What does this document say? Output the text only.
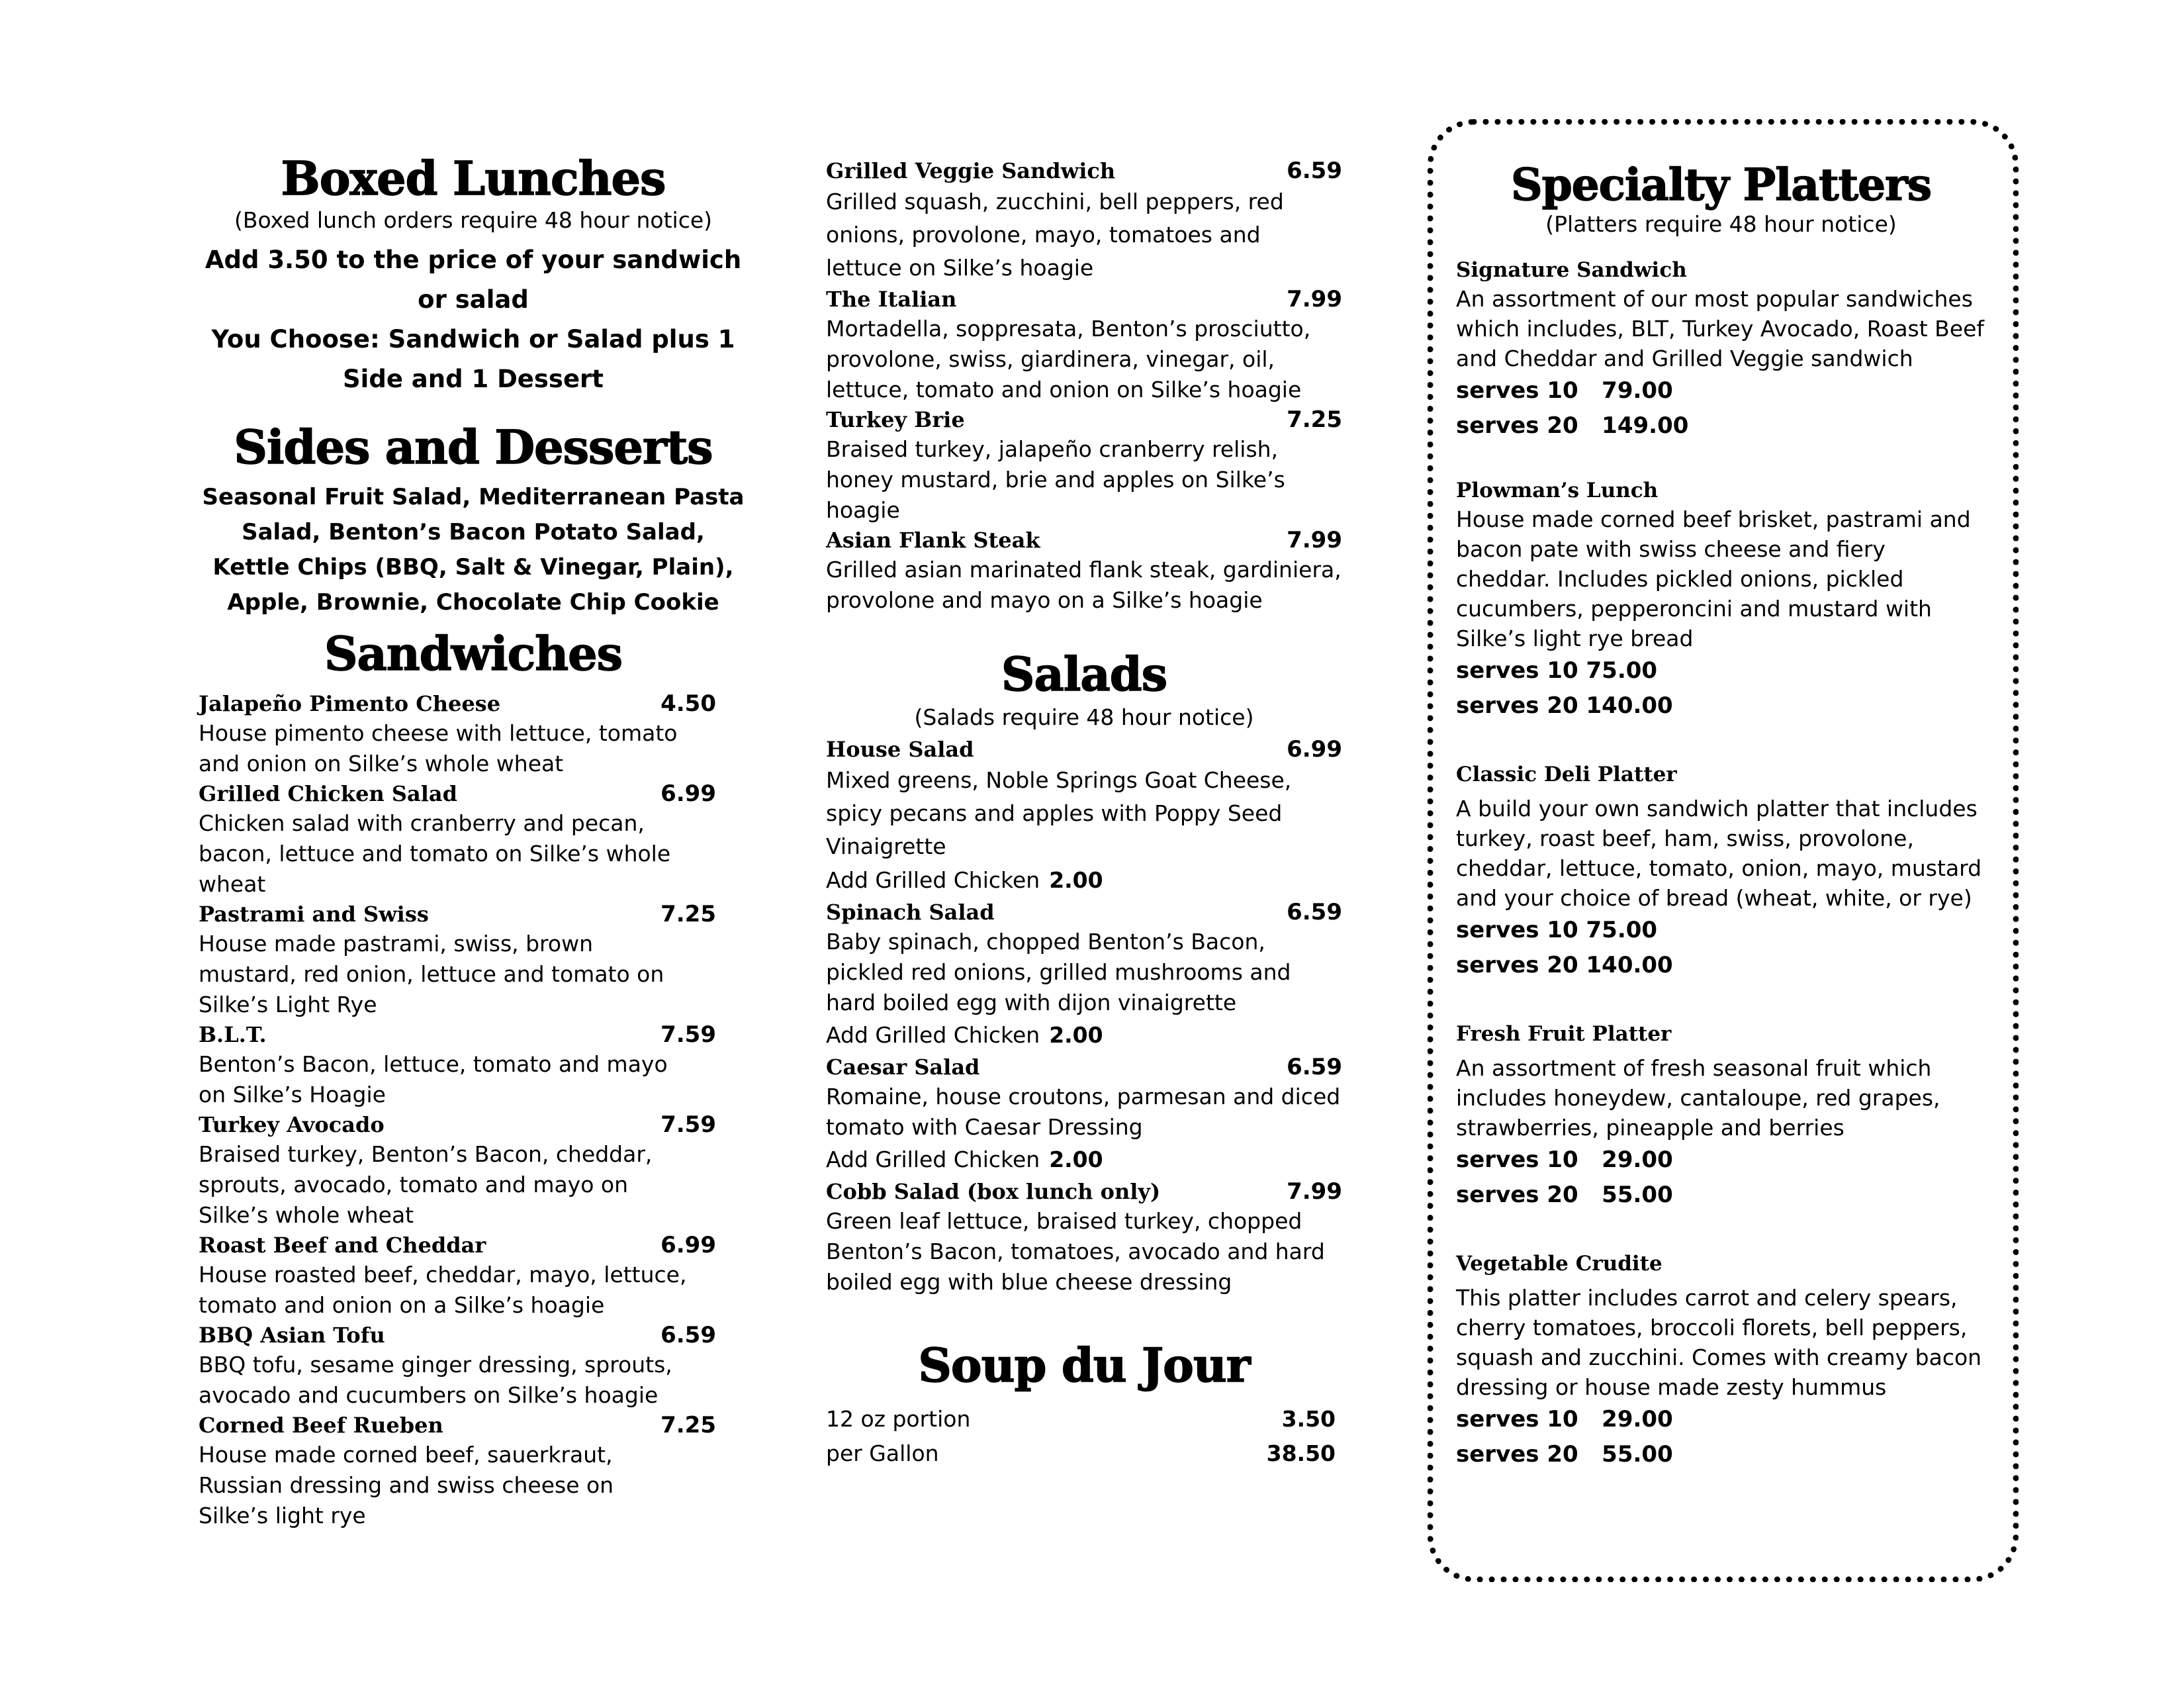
Boxed Lunches

(Boxed lunch orders require 48 hour notice)

Add 3.50 to the price of your sandwich

or salad

You Choose: Sandwich or Salad plus 1

Side and 1 Dessert

Sides and Desserts

Seasonal Fruit Salad, Mediterranean Pasta

Salad, Benton’s Bacon Potato Salad,

Kettle Chips (BBQ, Salt & Vinegar, Plain),

Apple, Brownie, Chocolate Chip Cookie

Sandwiches
Jalapeño Pimento Cheese	4.50

House pimento cheese with lettuce, tomato and onion on Silke’s whole wheat

Grilled Chicken Salad	6.99

Chicken salad with cranberry and pecan, bacon, lettuce and tomato on Silke’s whole wheat

Pastrami and Swiss	7.25

House made pastrami, swiss, brown mustard, red onion, lettuce and tomato on Silke’s Light Rye

B.L.T.	7.59

Benton’s Bacon, lettuce, tomato and mayo on Silke’s Hoagie

Turkey Avocado	7.59

Braised turkey, Benton’s Bacon, cheddar, sprouts, avocado, tomato and mayo on Silke’s whole wheat

Roast Beef and Cheddar	6.99

House roasted beef, cheddar, mayo, lettuce, tomato and onion on a Silke’s hoagie

BBQ Asian Tofu	6.59

BBQ tofu, sesame ginger dressing, sprouts, avocado and cucumbers on Silke’s hoagie

Corned Beef Rueben	7.25

House made corned beef, sauerkraut, Russian dressing and swiss cheese on Silke’s light rye

Grilled Veggie Sandwich	6.59

Grilled squash, zucchini, bell peppers, red onions, provolone, mayo, tomatoes and lettuce on Silke’s hoagie

The Italian	7.99

Mortadella, soppresata, Benton’s prosciutto, provolone, swiss, giardinera, vinegar, oil, lettuce, tomato and onion on Silke’s hoagie

Turkey Brie	7.25

Braised turkey, jalapeño cranberry relish, honey mustard, brie and apples on Silke’s hoagie

Asian Flank Steak	7.99

Grilled asian marinated flank steak, gardiniera, provolone and mayo on a Silke’s hoagie

Salads

(Salads require 48 hour notice)

House Salad	6.99

Mixed greens, Noble Springs Goat Cheese, spicy pecans and apples with Poppy Seed Vinaigrette

Add Grilled Chicken 2.00

Spinach Salad	6.59

Baby spinach, chopped Benton’s Bacon, pickled red onions, grilled mushrooms and hard boiled egg with dijon vinaigrette

Add Grilled Chicken 2.00

Caesar Salad	6.59

Romaine, house croutons, parmesan and diced tomato with Caesar Dressing

Add Grilled Chicken 2.00

Cobb Salad (box lunch only)	7.99

Green leaf lettuce, braised turkey, chopped Benton’s Bacon, tomatoes, avocado and hard boiled egg with blue cheese dressing

Soup du Jour
12 oz portion	3.50
per Gallon	38.50
Specialty Platters

(Platters require 48 hour notice)

Signature Sandwich

An assortment of our most popular sandwiches which includes, BLT, Turkey Avocado, Roast Beef and Cheddar and Grilled Veggie sandwich

serves 10   79.00

serves 20   149.00

Plowman’s Lunch

House made corned beef brisket, pastrami and bacon pate with swiss cheese and fiery cheddar. Includes pickled onions, pickled cucumbers, pepperoncini and mustard with Silke’s light rye bread

serves 10 75.00

serves 20 140.00

Classic Deli Platter

A build your own sandwich platter that includes turkey, roast beef, ham, swiss, provolone, cheddar, lettuce, tomato, onion, mayo, mustard and your choice of bread (wheat, white, or rye)

serves 10 75.00

serves 20 140.00

Fresh Fruit Platter

An assortment of fresh seasonal fruit which includes honeydew, cantaloupe, red grapes, strawberries, pineapple and berries

serves 10   29.00

serves 20   55.00

Vegetable Crudite

This platter includes carrot and celery spears, cherry tomatoes, broccoli florets, bell peppers, squash and zucchini. Comes with creamy bacon dressing or house made zesty hummus

serves 10   29.00

serves 20   55.00
